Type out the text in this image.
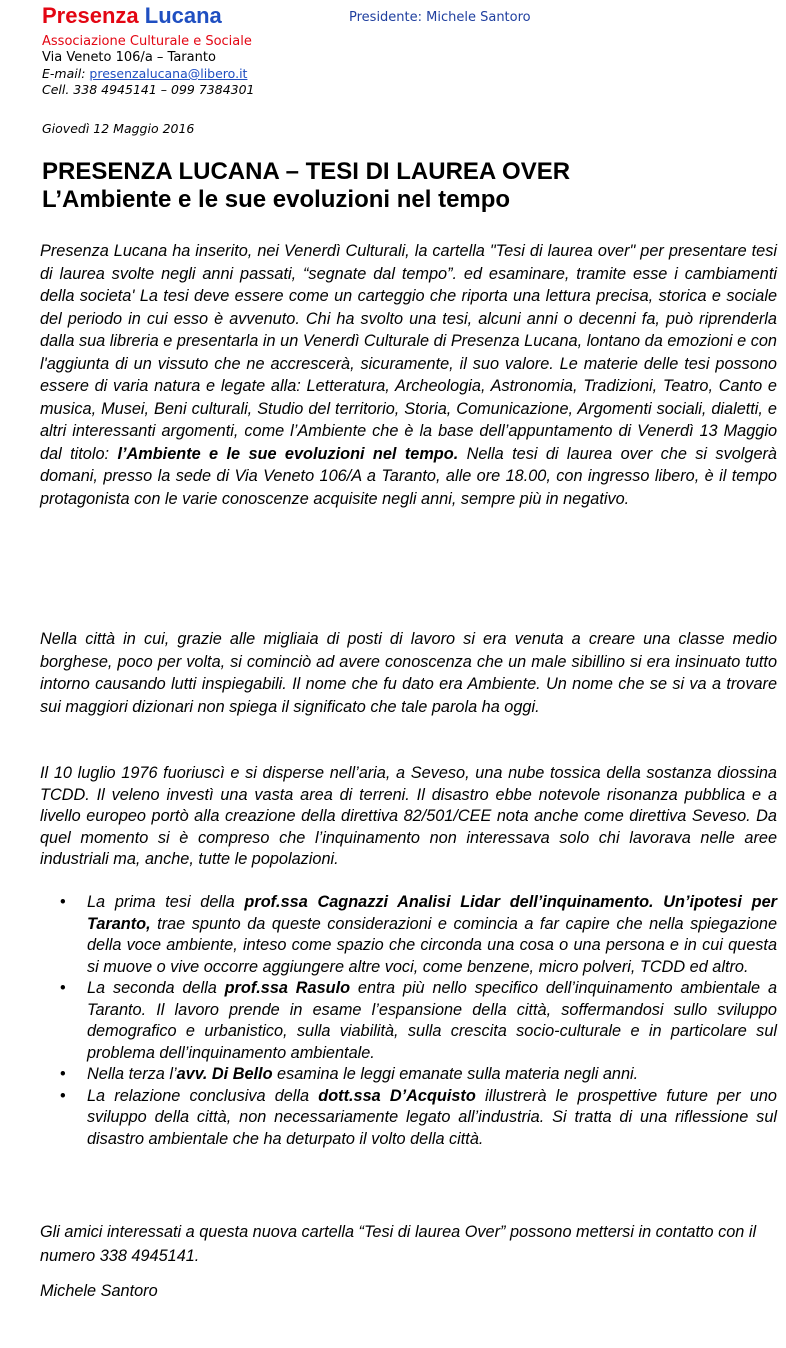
Presenza Lucana
Associazione Culturale e Sociale
Via Veneto 106/a – Taranto
E-mail: presenzalucana@libero.it
Cell. 338 4945141 – 099 7384301
Presidente: Michele Santoro
Giovedì 12 Maggio 2016
PRESENZA LUCANA – TESI DI LAUREA OVER
L’Ambiente e le sue evoluzioni nel tempo
Presenza Lucana ha inserito, nei Venerdì Culturali, la cartella "Tesi di laurea over" per presentare tesi di laurea svolte negli anni passati, “segnate dal tempo”. ed esaminare, tramite esse i cambiamenti della societa' La tesi deve essere come un carteggio che riporta una lettura precisa, storica e sociale del periodo in cui esso è avvenuto. Chi ha svolto una tesi, alcuni anni o decenni fa, può riprenderla dalla sua libreria e presentarla in un Venerdì Culturale di Presenza Lucana, lontano da emozioni e con l'aggiunta di un vissuto che ne accrescerà, sicuramente, il suo valore. Le materie delle tesi possono essere di varia natura e legate alla: Letteratura, Archeologia, Astronomia, Tradizioni, Teatro, Canto e musica, Musei, Beni culturali, Studio del territorio, Storia, Comunicazione, Argomenti sociali, dialetti, e altri interessanti argomenti, come l’Ambiente che è la base dell’appuntamento di Venerdì 13 Maggio dal titolo: l’Ambiente e le sue evoluzioni nel tempo. Nella tesi di laurea over che si svolgerà domani, presso la sede di Via Veneto 106/A a Taranto, alle ore 18.00, con ingresso libero, è il tempo protagonista con le varie conoscenze acquisite negli anni, sempre più in negativo.
Nella città in cui, grazie alle migliaia di posti di lavoro si era venuta a creare una classe medio borghese, poco per volta, si cominciò ad avere conoscenza che un male sibillino si era insinuato tutto intorno causando lutti inspiegabili. Il nome che fu dato era Ambiente. Un nome che se si va a trovare sui maggiori dizionari non spiega il significato che tale parola ha oggi.
Il 10 luglio 1976 fuoriuscì e si disperse nell’aria, a Seveso, una nube tossica della sostanza diossina TCDD. Il veleno investì una vasta area di terreni. Il disastro ebbe notevole risonanza pubblica e a livello europeo portò alla creazione della direttiva 82/501/CEE nota anche come direttiva Seveso. Da quel momento si è compreso che l’inquinamento non interessava solo chi lavorava nelle aree industriali ma, anche, tutte le popolazioni.
• La prima tesi della prof.ssa Cagnazzi Analisi Lidar dell’inquinamento. Un’ipotesi per Taranto, trae spunto da queste considerazioni e comincia a far capire che nella spiegazione della voce ambiente, inteso come spazio che circonda una cosa o una persona e in cui questa si muove o vive occorre aggiungere altre voci, come benzene, micro polveri, TCDD ed altro.
• La seconda della prof.ssa Rasulo entra più nello specifico dell’inquinamento ambientale a Taranto. Il lavoro prende in esame l’espansione della città, soffermandosi sullo sviluppo demografico e urbanistico, sulla viabilità, sulla crescita socio-culturale e in particolare sul problema dell’inquinamento ambientale.
• Nella terza l’avv. Di Bello esamina le leggi emanate sulla materia negli anni.
• La relazione conclusiva della dott.ssa D’Acquisto illustrerà le prospettive future per uno sviluppo della città, non necessariamente legato all’industria. Si tratta di una riflessione sul disastro ambientale che ha deturpato il volto della città.
Gli amici interessati a questa nuova cartella “Tesi di laurea Over” possono mettersi in contatto con il numero 338 4945141.
Michele Santoro
